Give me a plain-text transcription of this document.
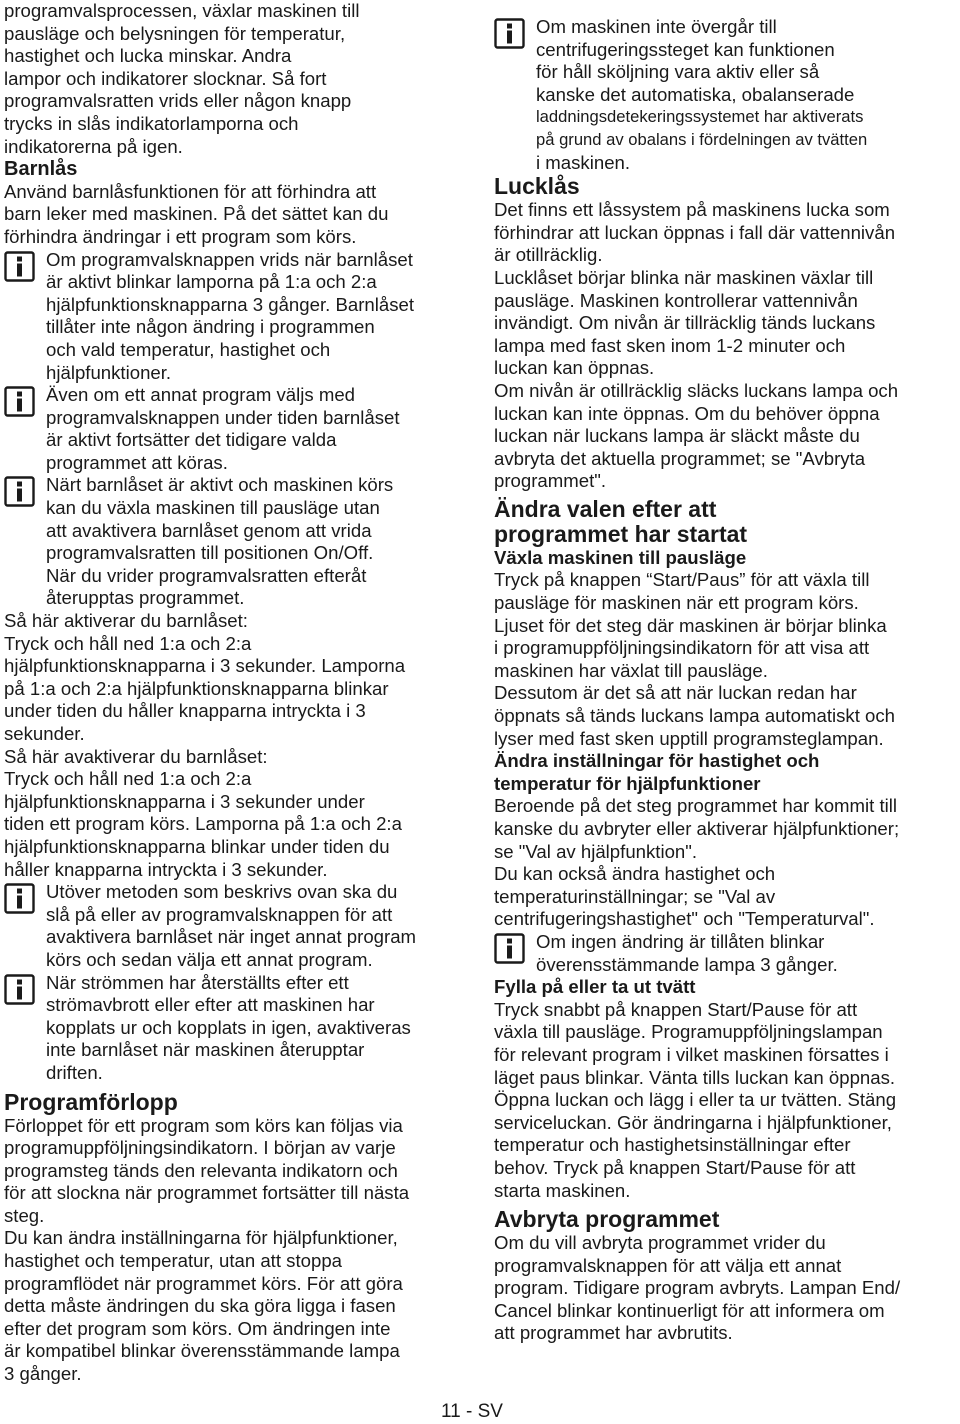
programvalsprocessen, växlar maskinen till

pausläge och belysningen för temperatur,

hastighet och lucka minskar. Andra

lampor och indikatorer slocknar. Så fort

programvalsratten vrids eller någon knapp

trycks in slås indikatorlamporna och

indikatorerna på igen.

Barnlås

Använd barnlåsfunktionen för att förhindra att

barn leker med maskinen. På det sättet kan du

förhindra ändringar i ett program som körs.

Om programvalsknappen vrids när barnlåset

är aktivt blinkar lamporna på 1:a och 2:a

hjälpfunktionsknapparna 3 gånger. Barnlåset

tillåter inte någon ändring i programmen

och vald temperatur, hastighet och

hjälpfunktioner.

Även om ett annat program väljs med

programvalsknappen under tiden barnlåset

är aktivt fortsätter det tidigare valda

programmet att köras.

Närt barnlåset är aktivt och maskinen körs

kan du växla maskinen till pausläge utan

att avaktivera barnlåset genom att vrida

programvalsratten till positionen On/Off.

När du vrider programvalsratten efteråt

återupptas programmet.

Så här aktiverar du barnlåset:

Tryck och håll ned 1:a och 2:a

hjälpfunktionsknapparna i 3 sekunder. Lamporna

på 1:a och 2:a hjälpfunktionsknapparna blinkar

under tiden du håller knapparna intryckta i 3

sekunder.

Så här avaktiverar du barnlåset:

Tryck och håll ned 1:a och 2:a

hjälpfunktionsknapparna i 3 sekunder under

tiden ett program körs. Lamporna på 1:a och 2:a

hjälpfunktionsknapparna blinkar under tiden du

håller knapparna intryckta i 3 sekunder.

Utöver metoden som beskrivs ovan ska du

slå på eller av programvalsknappen för att

avaktivera barnlåset när inget annat program

körs och sedan välja ett annat program.

När strömmen har återställts efter ett

strömavbrott eller efter att maskinen har

kopplats ur och kopplats in igen, avaktiveras

inte barnlåset när maskinen återupptar

driften.

Programförlopp

Förloppet för ett program som körs kan följas via

programuppföljningsindikatorn. I början av varje

programsteg tänds den relevanta indikatorn och

för att slockna när programmet fortsätter till nästa

steg.

Du kan ändra inställningarna för hjälpfunktioner,

hastighet och temperatur, utan att stoppa

programflödet när programmet körs. För att göra

detta måste ändringen du ska göra ligga i fasen

efter det program som körs. Om ändringen inte

är kompatibel blinkar överensstämmande lampa

3 gånger.

Om maskinen inte övergår till

centrifugeringssteget kan funktionen

för håll sköljning vara aktiv eller så

kanske det automatiska, obalanserade

laddningsdetekeringssystemet har aktiverats

på grund av obalans i fördelningen av tvätten

i maskinen.

Lucklås

Det finns ett låssystem på maskinens lucka som

förhindrar att luckan öppnas i fall där vattennivån

är otillräcklig.

Lucklåset börjar blinka när maskinen växlar till

pausläge. Maskinen kontrollerar vattennivån

invändigt. Om nivån är tillräcklig tänds luckans

lampa med fast sken inom 1-2 minuter och

luckan kan öppnas.

Om nivån är otillräcklig släcks luckans lampa och

luckan kan inte öppnas. Om du behöver öppna

luckan när luckans lampa är släckt måste du

avbryta det aktuella programmet; se "Avbryta

programmet".

Ändra valen efter att

programmet har startat

Växla maskinen till pausläge

Tryck på knappen “Start/Paus” för att växla till

pausläge för maskinen när ett program körs.

Ljuset för det steg där maskinen är börjar blinka

i programuppföljningsindikatorn för att visa att

maskinen har växlat till pausläge.

Dessutom är det så att när luckan redan har

öppnats så tänds luckans lampa automatiskt och

lyser med fast sken upptill programsteglampan.

Ändra inställningar för hastighet och

temperatur för hjälpfunktioner

Beroende på det steg programmet har kommit till

kanske du avbryter eller aktiverar hjälpfunktioner;

se "Val av hjälpfunktion".

Du kan också ändra hastighet och

temperaturinställningar; se "Val av

centrifugeringshastighet" och "Temperaturval".

Om ingen ändring är tillåten blinkar

överensstämmande lampa 3 gånger.

Fylla på eller ta ut tvätt

Tryck snabbt på knappen Start/Pause för att

växla till pausläge. Programuppföljningslampan

för relevant program i vilket maskinen försattes i

läget paus blinkar. Vänta tills luckan kan öppnas.

Öppna luckan och lägg i eller ta ur tvätten. Stäng

serviceluckan. Gör ändringarna i hjälpfunktioner,

temperatur och hastighetsinställningar efter

behov. Tryck på knappen Start/Pause för att

starta maskinen.

Avbryta programmet

Om du vill avbryta programmet vrider du

programvalsknappen för att välja ett annat

program. Tidigare program avbryts. Lampan End/

Cancel blinkar kontinuerligt för att informera om

att programmet har avbrutits.

11 - SV
